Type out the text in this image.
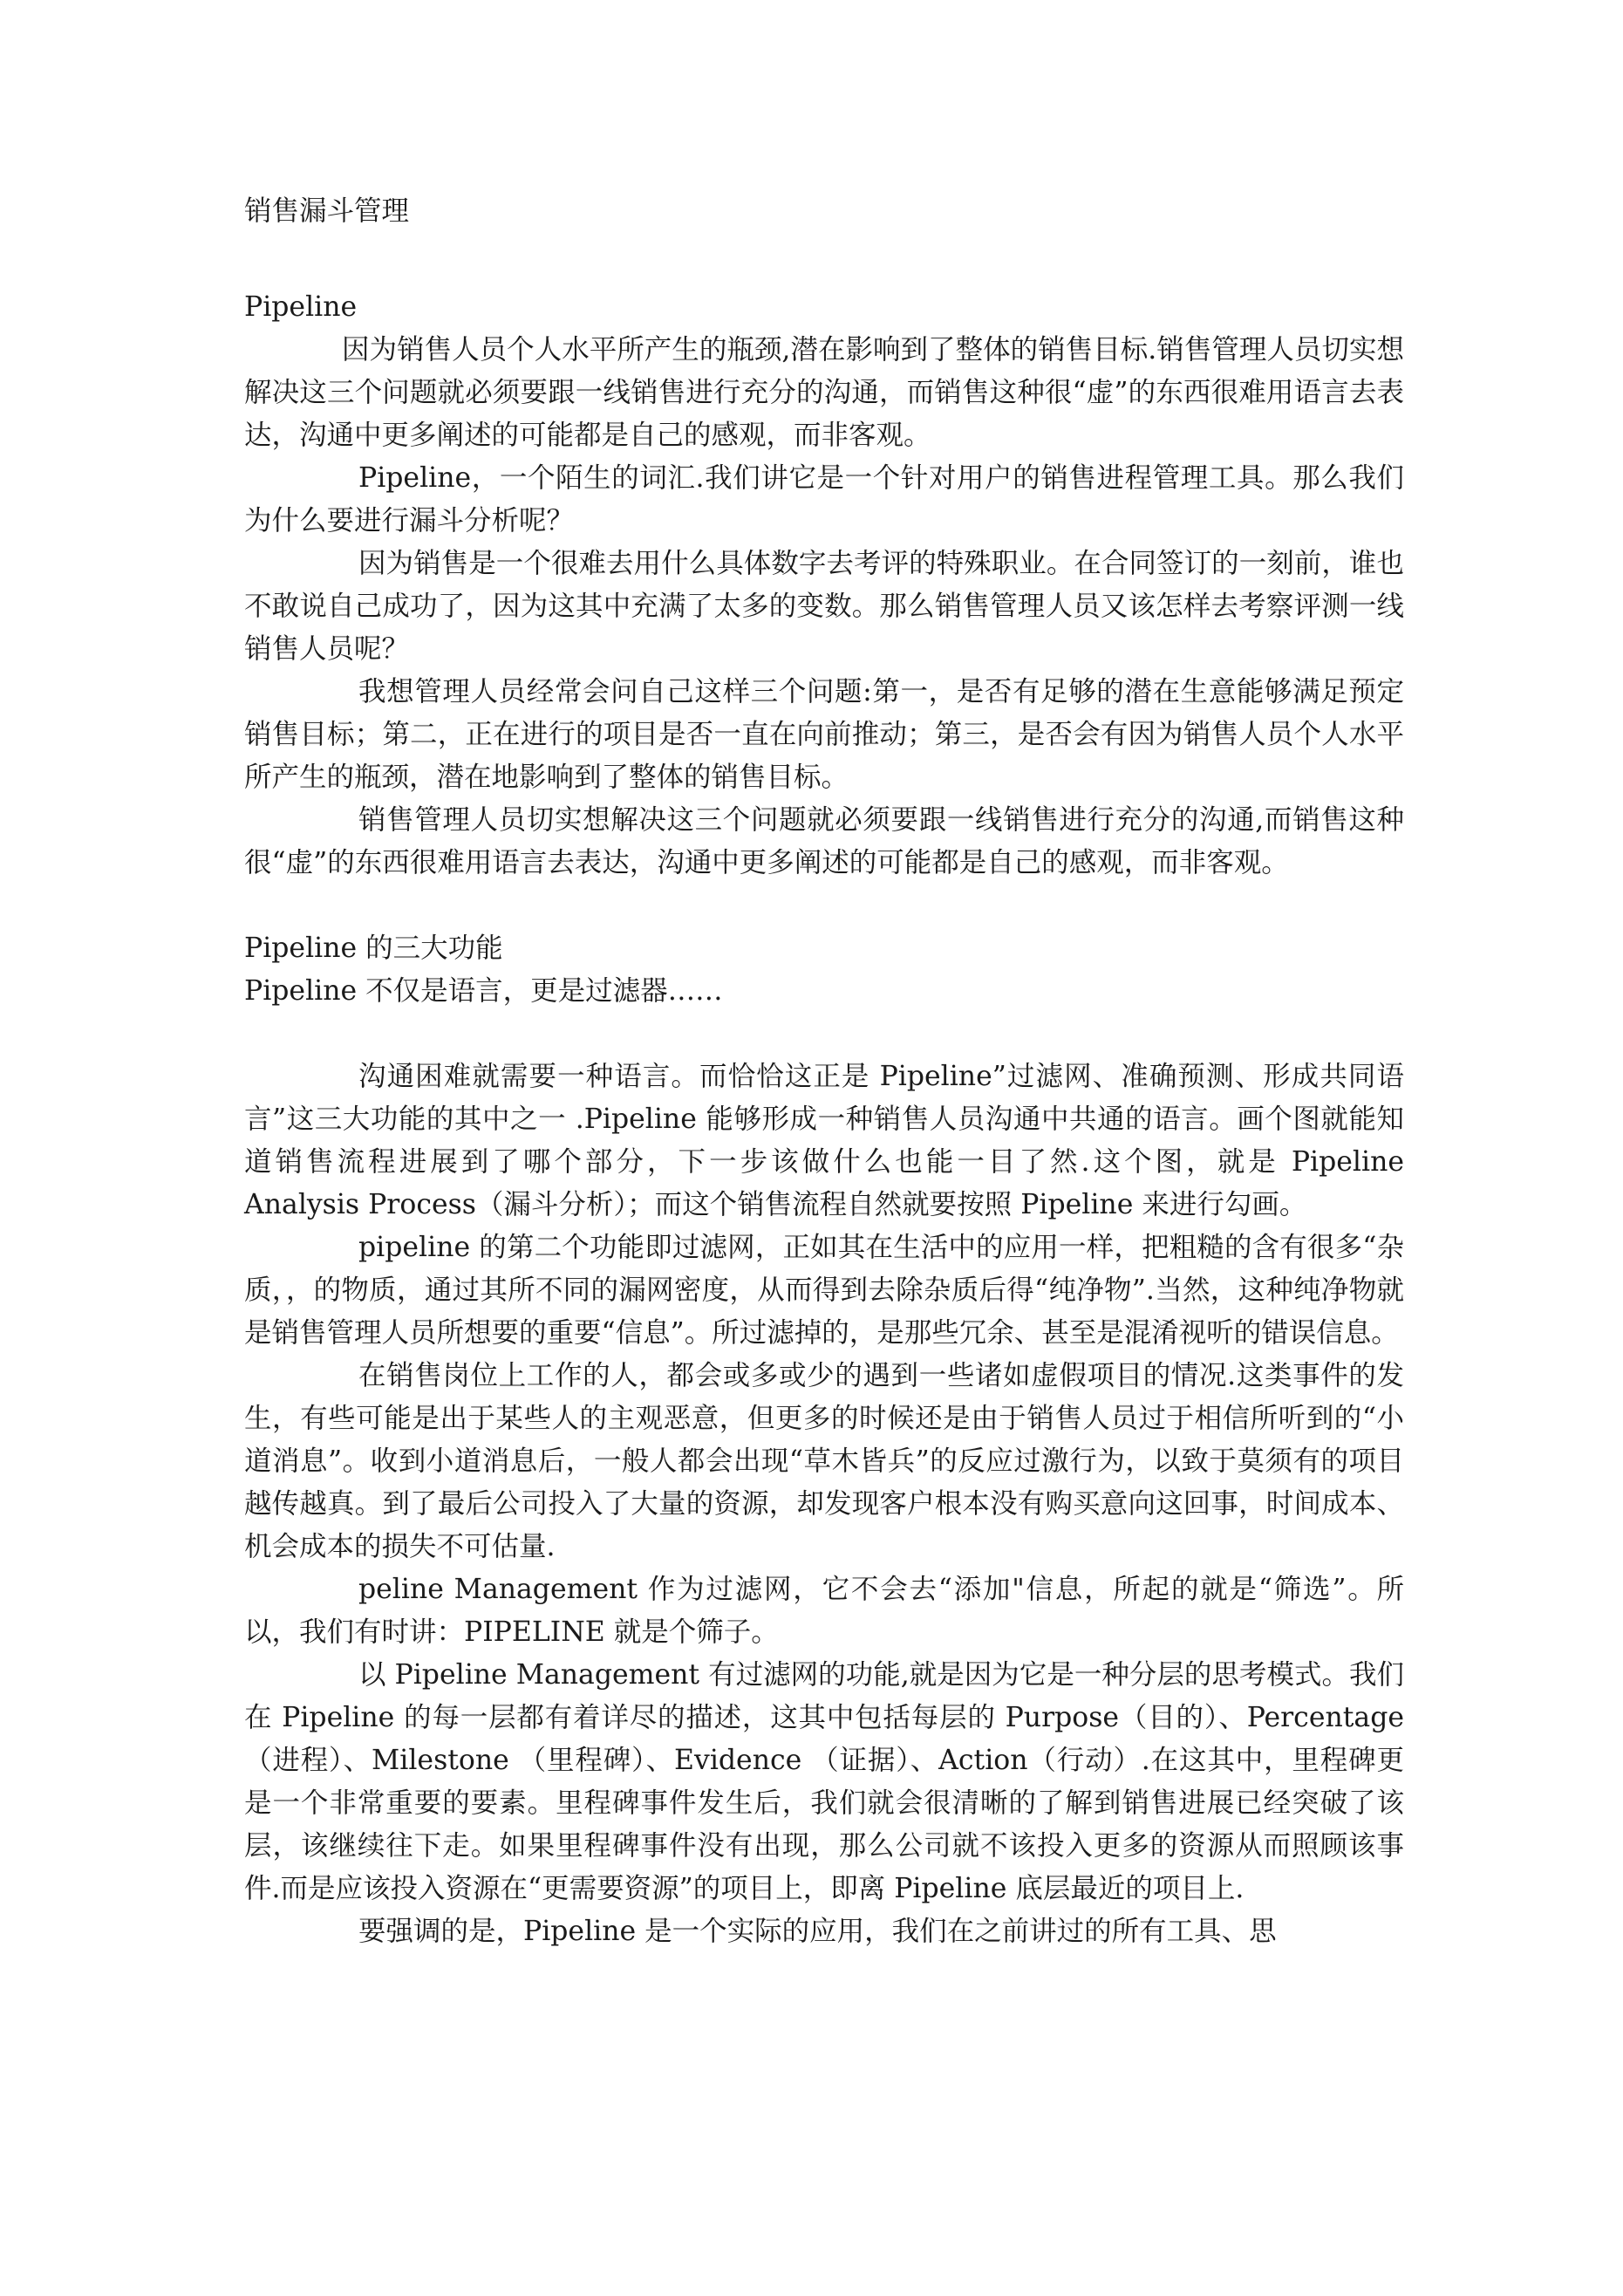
销售漏斗管理
Pipeline

因为销售人员个人水平所产生的瓶颈,潜在影响到了整体的销售目标.销售管理人员切实想解决这三个问题就必须要跟一线销售进行充分的沟通，而销售这种很“虚”的东西很难用语言去表达，沟通中更多阐述的可能都是自己的感观，而非客观。

Pipeline，一个陌生的词汇.我们讲它是一个针对用户的销售进程管理工具。那么我们为什么要进行漏斗分析呢？

因为销售是一个很难去用什么具体数字去考评的特殊职业。在合同签订的一刻前，谁也不敢说自己成功了，因为这其中充满了太多的变数。那么销售管理人员又该怎样去考察评测一线销售人员呢？

我想管理人员经常会问自己这样三个问题:第一，是否有足够的潜在生意能够满足预定销售目标；第二，正在进行的项目是否一直在向前推动；第三，是否会有因为销售人员个人水平所产生的瓶颈，潜在地影响到了整体的销售目标。

销售管理人员切实想解决这三个问题就必须要跟一线销售进行充分的沟通,而销售这种很“虚”的东西很难用语言去表达，沟通中更多阐述的可能都是自己的感观，而非客观。

Pipeline 的三大功能
Pipeline 不仅是语言，更是过滤器……

沟通困难就需要一种语言。而恰恰这正是 Pipeline”过滤网、准确预测、形成共同语言”这三大功能的其中之一 .Pipeline 能够形成一种销售人员沟通中共通的语言。画个图就能知道销售流程进展到了哪个部分，下一步该做什么也能一目了然.这个图，就是 Pipeline Analysis Process（漏斗分析）；而这个销售流程自然就要按照 Pipeline 来进行勾画。

pipeline 的第二个功能即过滤网，正如其在生活中的应用一样，把粗糙的含有很多“杂质，，的物质，通过其所不同的漏网密度，从而得到去除杂质后得“纯净物”.当然，这种纯净物就是销售管理人员所想要的重要“信息”。所过滤掉的，是那些冗余、甚至是混淆视听的错误信息。

在销售岗位上工作的人，都会或多或少的遇到一些诸如虚假项目的情况.这类事件的发生，有些可能是出于某些人的主观恶意，但更多的时候还是由于销售人员过于相信所听到的“小道消息”。收到小道消息后，一般人都会出现“草木皆兵”的反应过激行为，以致于莫须有的项目越传越真。到了最后公司投入了大量的资源，却发现客户根本没有购买意向这回事，时间成本、机会成本的损失不可估量.

peline Management 作为过滤网，它不会去“添加"信息，所起的就是“筛选”。所以，我们有时讲：PIPELINE 就是个筛子。

以 Pipeline Management 有过滤网的功能,就是因为它是一种分层的思考模式。我们在 Pipeline 的每一层都有着详尽的描述，这其中包括每层的 Purpose（目的）、Percentage（进程）、Milestone （里程碑）、Evidence （证据）、Action（行动）.在这其中，里程碑更是一个非常重要的要素。里程碑事件发生后，我们就会很清晰的了解到销售进展已经突破了该层，该继续往下走。如果里程碑事件没有出现，那么公司就不该投入更多的资源从而照顾该事件.而是应该投入资源在“更需要资源”的项目上，即离 Pipeline 底层最近的项目上.

要强调的是，Pipeline 是一个实际的应用，我们在之前讲过的所有工具、思
